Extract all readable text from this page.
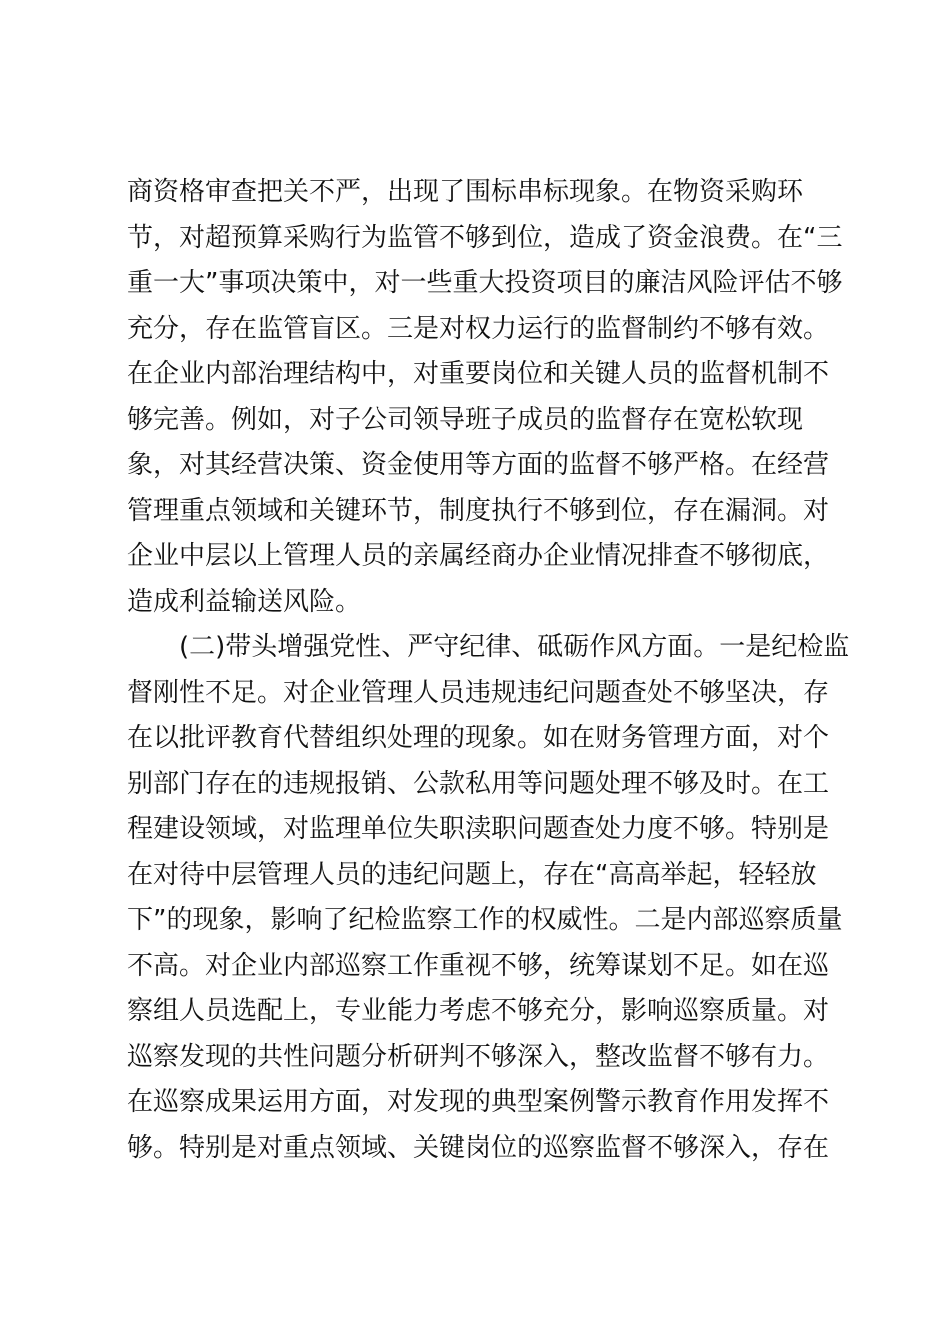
商资格审查把关不严，出现了围标串标现象。在物资采购环
节，对超预算采购行为监管不够到位，造成了资金浪费。在“三
重一大”事项决策中，对一些重大投资项目的廉洁风险评估不够
充分，存在监管盲区。三是对权力运行的监督制约不够有效。
在企业内部治理结构中，对重要岗位和关键人员的监督机制不
够完善。例如，对子公司领导班子成员的监督存在宽松软现
象，对其经营决策、资金使用等方面的监督不够严格。在经营
管理重点领域和关键环节，制度执行不够到位，存在漏洞。对
企业中层以上管理人员的亲属经商办企业情况排查不够彻底，
造成利益输送风险。
(二)带头增强党性、严守纪律、砥砺作风方面。一是纪检监
督刚性不足。对企业管理人员违规违纪问题查处不够坚决，存
在以批评教育代替组织处理的现象。如在财务管理方面，对个
别部门存在的违规报销、公款私用等问题处理不够及时。在工
程建设领域，对监理单位失职渎职问题查处力度不够。特别是
在对待中层管理人员的违纪问题上，存在“高高举起，轻轻放
下”的现象，影响了纪检监察工作的权威性。二是内部巡察质量
不高。对企业内部巡察工作重视不够，统筹谋划不足。如在巡
察组人员选配上，专业能力考虑不够充分，影响巡察质量。对
巡察发现的共性问题分析研判不够深入，整改监督不够有力。
在巡察成果运用方面，对发现的典型案例警示教育作用发挥不
够。特别是对重点领域、关键岗位的巡察监督不够深入，存在
